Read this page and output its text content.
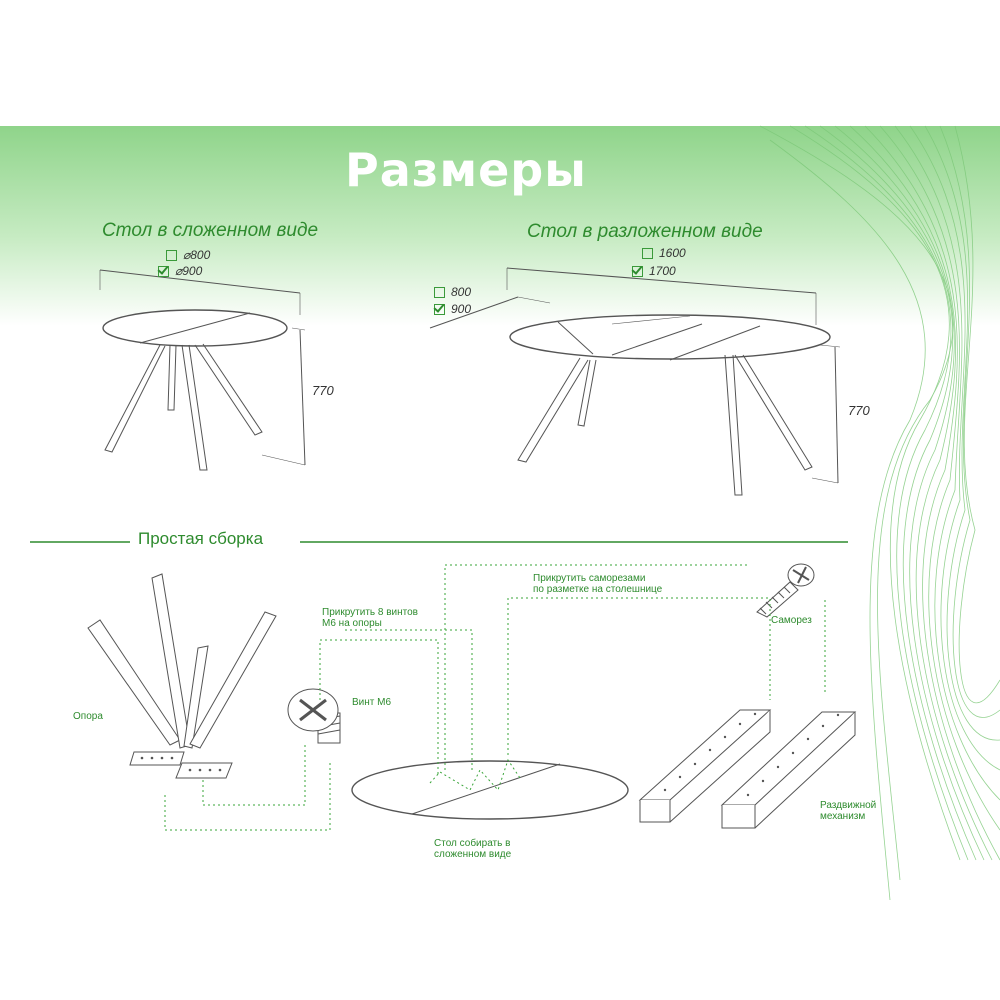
Размеры
Стол в сложенном виде
⌀800
⌀900
770
Стол в разложенном виде
1600
1700
800
900
770
Простая сборка
Опора
Винт М6
Прикрутить 8 винтов
М6 на опоры
Прикрутить саморезами
по разметке на столешнице
Саморез
Стол собирать в
сложенном виде
Раздвижной
механизм
